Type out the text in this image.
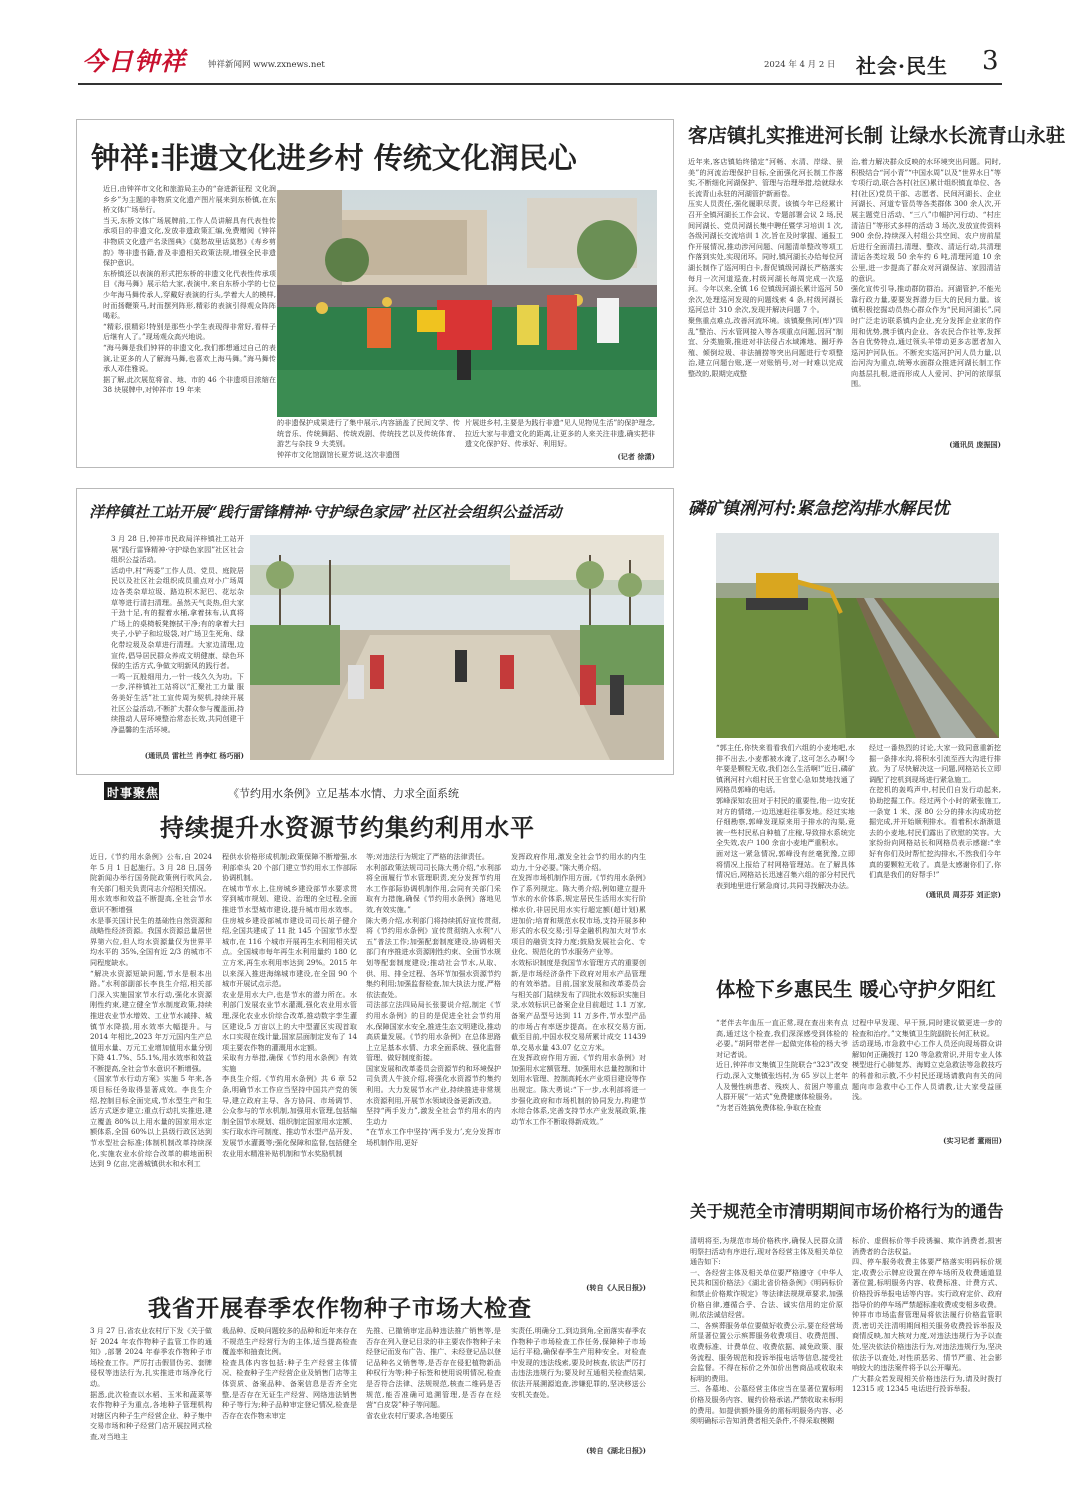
今日钟祥	钟祥新闻网 www.zxnews.net	2024 年 4 月 2 日 社会·民生 3
钟祥:非遗文化进乡村 传统文化润民心
近日,由钟祥市文化和旅游局主办的“奋进新征程 文化润乡乡”为主题的非物质文化遗产图片展来到东桥镇,在东桥文体广场举行。
当天,东桥文体广场展牌前,工作人员讲解具有代表性传承项目的非遗文化,发放非遗政策汇编,免费赠阅《钟祥非物质文化遗产名录图典》《莫愁故里话莫愁》《寿乡剪韵》等非遗书籍,普及非遗相关政策法规,增强全民非遗保护意识。
东桥镇还以表演的形式把东桥的非遗文化代表性传承项目《海马舞》展示给大家,表演中,来自东桥小学的七位少年海马舞传承人,穿戴好表演的行头,学着大人的模样,时而扬鞭策马,时而摆列阵形,精彩的表演引得观众阵阵喝彩。
“精彩,很精彩!特别是那些小学生表现得非常好,看样子后继有人了。”现场观众高兴地说。
“海马舞是我们钟祥的非遗文化,我们都想通过自己的表演,让更多的人了解海马舞,也喜欢上海马舞。”海马舞传承人邓佳雅说。
据了解,此次展览将省、地、市的 46 个非遗项目浓缩在 38 块展牌中,对钟祥市 19 年来
的非遗保护成果进行了集中展示,内容涵盖了民间文学、传统音乐、传统舞蹈、传统戏剧、传统技艺以及传统体育、游艺与杂技 9 大类别。
钟祥市文化馆副馆长夏芳说,这次非遗图
片展进乡村,主要是为践行非遗“见人见物见生活”的保护理念,拉近大家与非遗文化的距离,让更多的人来关注非遗,确实把非遗文化保护好、传承好、利用好。
(记者 徐潇)
客店镇扎实推进河长制 让绿水长流青山永驻
近年来,客店镇始终锚定“河畅、水清、岸绿、景美”的河流治理保护目标,全面强化河长制工作落实,不断细化河湖保护、管理与治理举措,绘就绿水长流青山永驻的河湖管护新画卷。
压实人员责任,强化履职尽责。该镇今年已经累计召开全镇河湖长工作会议、专题部署会议 2 场,民间河湖长、党员河湖长集中聘任暨学习培训 1 次,各级河湖长交流培训 1 次,旨在及时掌握、通报工作开展情况,推动涉河问题、问题清单整改等项工作落到实处,实现闭环。同时,镇河湖长办给每位河湖长制作了巡河明白卡,督促镇级河湖长严格落实每月一次河道巡查,村级河湖长每周完成一次巡河。今年以来,全镇 16 位镇级河湖长累计巡河 50 余次,处理巡河发现的问题线索 4 条,村级河湖长巡河总计 310 余次,发现并解决问题 7 个。
聚焦重点难点,改善河流环境。该镇聚焦河(库)“四乱”整治、污水管网接入等各项重点问题,因河“制宜、分类施策,推进对非法侵占水域滩地、圈圩养殖、倾倒垃圾、非法捕捞等突出问题进行专项整治,建立问题台账,逐一对账销号,对一时难以完成整改的,限期完成整
治,着力解决群众反映的水环境突出问题。同时,积极结合“河小青”“中国水周”以及“世界水日”等专项行动,联合各村(社区)累计组织镇直单位、各村(社区)党员干部、志愿者、民间河湖长、企业河湖长、河道专管员等各类群体 300 余人次,开展主题党日活动、“三八”巾帼护河行动、“村庄清洁日”等形式多样的活动 3 场次,发放宣传资料 900 余份,持续深入村组公共空间、农户房前屋后进行全面清扫,清理、整改、清运行动,共清理清运各类垃圾 50 余车约 6 吨,清理河道 10 余公里,进一步提高了群众对河湖保洁、家园清洁的意识。
强化宣传引导,推动群防群治。河湖管护,不能光靠行政力量,要要发挥潜力巨大的民间力量。该镇积极挖掘动员热心群众作为“民间河湖长”,同时广泛走访联系镇内企业,充分发挥企业家的作用和优势,携手镇内企业、各农民合作社等,发挥各自优势特点,通过领头羊带动更多志愿者加入巡河护河队伍。不断充实巡河护河人员力量,以治河沟为重点,统筹水面群众推进河湖长制工作向基层扎根,进而形成人人爱河、护河的浓厚氛围。
(通讯员 庞振国)
洋梓镇社工站开展“践行雷锋精神·守护绿色家园”社区社会组织公益活动
3 月 28 日,钟祥市民政局洋梓镇社工站开展“践行雷锋精神·守护绿色家园”社区社会组织公益活动。
活动中,村“两委”工作人员、党员、庭院居民以及社区社会组织成员重点对小广场周边各类杂草垃圾、路边枳木泥巴、花坛杂草等进行清扫清理。虽然天气炎热,但大家干劲十足,有的握着水桶,拿着抹布,认真将广场上的桌椅板凳擦拭干净;有的拿着大扫夹子,小铲子和垃圾袋,对广场卫生死角、绿化带垃圾及杂草进行清理。大家边清理,边宣传,倡导居民群众养成文明健康、绿色环保的生活方式,争做文明新风的践行者。
一鸣一瓦般细用力,一针一线久久为功。下一步,洋梓镇社工站将以“汇聚社工力量 服务美好生活”社工宣传周为契机,持续开展社区公益活动,不断扩大群众参与覆盖面,持续推动人居环境整治常态长效,共同创建干净温馨的生活环境。
(通讯员 雷杜兰 肖李红 杨巧丽)
磷矿镇浰河村:紧急挖沟排水解民忧
“郭主任,你快来看看我们六组的小麦地吧,水排不出去,小麦都被水淹了,这可怎么办啊!今年要是颗粒无收,我们怎么生活啊!”近日,磷矿镇浰河村六组村民王官堂心急如焚地找通了网格员郭峰的电话。
郭峰深知农田对于村民的重要性,他一边安抚对方的情绪,一边迅速赶往事发地。经过实地仔细勘察,郭峰发现原来用于排水的沟渠,竟被一些村民私自种植了庄稼,导致排水系统完全失效,农户 100 余亩小麦地严重积水。
面对这一紧急情况,郭峰没有丝毫犹豫,立即将情况上报给了村网格管理站。在了解具体情况后,网格站长迅速召集六组的部分村民代表到地里进行紧急商讨,共同寻找解决办法。
经过一番热烈的讨论,大家一致同意重新挖掘一条排水沟,将积水引流至西大沟进行排放。为了尽快解决这一问题,网格站长立即调配了挖机到现场进行紧急施工。
在挖机的轰鸣声中,村民们自发行动起来,协助挖掘工作。经过两个小时的紧张施工,一条宽 1 米、深 80 公分的排水沟成功挖掘完成,并开始顺利排水。看着积水渐渐退去的小麦地,村民们露出了欣慰的笑容。大家纷纷向网格站长和网格员表示感谢:“幸好有你们及时帮忙挖沟排水,不然我们今年真的要颗粒无收了。真是太感谢你们了,你们真是我们的好帮手!”
(通讯员 周芬芬 刘正宗)
时事聚焦	《节约用水条例》立足基本水情、力求全面系统
持续提升水资源节约集约利用水平
近日,《节约用水条例》公布,自 2024 年 5 月 1 日起施行。3 月 28 日,国务院新闻办举行国务院政策例行吹风会,有关部门相关负责同志介绍相关情况。
用水效率和效益不断提高,全社会节水意识不断增强
水是事关国计民生的基础性自然资源和战略性经济资源。我国水资源总量居世界第六位,但人均水资源量仅为世界平均水平的 35%,全国有近 2/3 的城市不同程度缺水。
“解决水资源短缺问题,节水是根本出路。”水利部副部长李良生介绍,相关部门深入实施国家节水行动,强化水资源刚性约束,建立健全节水制度政策,持续推进农业节水增效、工业节水减排、城镇节水降损,用水效率大幅提升。与 2014 年相比,2023 年万元国内生产总值用水量、万元工业增加值用水量分别下降 41.7%、55.1%,用水效率和效益不断提高,全社会节水意识不断增强。
《国家节水行动方案》实施 5 年来,各项目标任务取得显著成效。李良生介绍,控制目标全面完成,节水型生产和生活方式逐步建立;重点行动扎实推进,建立覆盖 80%以上用水量的国家用水定额体系,全国 60%以上县级行政区达到节水型社会标准;体制机制改革持续深化,实施农业水价综合改革的耕地面积达到 9 亿亩,完善城镇供水和水利工
程供水价格形成机制;政策保障不断增强,水利部牵头 20 个部门建立节约用水工作部际协调机制。
在城市节水上,住房城乡建设部节水要求贯穿到城市规划、建设、治理的全过程,全面推进节水型城市建设,提升城市用水效率。住房城乡建设部城市建设司司长胡子健介绍,全国共建成了 11 批 145 个国家节水型城市,在 116 个城市开展再生水利用相关试点。全国城市每年再生水利用量约 180 亿立方米,再生水利用率达到 29%。2015 年以来深入推进海绵城市建设,在全国 90 个城市开展试点示范。
农业是用水大户,也是节水的潜力所在。水利部门发展农业节水灌溉,强化农业用水管理,深化农业水价综合改革,推动数字孪生灌区建设,5 万亩以上的大中型灌区实现首取水口实现在线计量,国家层面制定发布了 14 项主要农作物的灌溉用水定额。
采取有力举措,确保《节约用水条例》有效实施
李良生介绍,《节约用水条例》共 6 章 52 条,明确节水工作应当坚持中国共产党的领导,建立政府主导、各方协同、市场调节、公众参与的节水机制,加强用水管理,包括编制全国节水规划、组织制定国家用水定额、实行取水许可制度、推动节水型产品开发、发展节水灌溉等;强化保障和监督,包括健全农业用水精准补贴机制和节水奖励机制
等;对违法行为规定了严格的法律责任。
水利部政策法规司司长陈大勇介绍,“水利部将全面履行节水管理职责,充分发挥节约用水工作部际协调机制作用,会同有关部门采取有力措施,确保《节约用水条例》落地见效,有效实施。”
陈大勇介绍,水利部门将持续抓好宣传贯彻,将《节约用水条例》宣传贯彻纳入水利“八五”普法工作;加强配套制度建设,协调相关部门有序推进水资源刚性约束、全面节水规划等配套制度建设;推动社会节水,从取、供、用、排全过程、各环节加强水资源节约集约利用;加强监督检查,加大执法力度,严格依法查处。
司法部立法四局局长张要说介绍,制定《节约用水条例》的目的是促进全社会节约用水,保障国家水安全,推进生态文明建设,推动高质量发展。《节约用水条例》在总体思路上立足基本水情、力求全面系统、强化监督管理、做好制度衔接。
国家发展和改革委员会资源节约和环境保护司负责人牛波介绍,将强化水资源节约集约利用。大力发展节水产业,持续推进非常规水资源利用,开展节水领域设备更新改造。
坚持“两手发力”,激发全社会节约用水的内生动力
“在节水工作中坚持‘两手发力’,充分发挥市场机制作用,更好
发挥政府作用,激发全社会节约用水的内生动力,十分必要。”陈大勇介绍。
在发挥市场机制作用方面,《节约用水条例》作了系列规定。陈大勇介绍,例如建立提升节水的水价体系,规定居民生活用水实行阶梯水价,非居民用水实行超定额(超计划)累进加价;培育和规范水权市场,支持开展多种形式的水权交易;引导金融机构加大对节水项目的融资支持力度;鼓励发展社会化、专业化、规范化的节水服务产业等。
水效标识制度是我国节水管理方式的重要创新,是市场经济条件下政府对用水产品管理的有效举措。目前,国家发展和改革委员会与相关部门陆续发布了四批水效标识实施目录,水效标识已备案企业目前超过 1.1 万家,备案产品型号达到 11 万多件,节水型产品的市场占有率逐步提高。在水权交易方面,截至目前,中国水权交易所累计成交 11439 单,交易水量 43.07 亿立方米。
在发挥政府作用方面,《节约用水条例》对加强用水定额管理、加强用水总量控制和计划用水管理、控制高耗水产业项目建设等作出规定。陈大勇说:“下一步,水利部将进一步强化政府和市场机制的协同发力,构建节水综合体系,完善支持节水产业发展政策,推动节水工作不断取得新成效。”
(转自《人民日报》)
体检下乡惠民生 暖心守护夕阳红
“老伴去年血压一直正常,现在查出来有点高,通过这个检查,我们深深感受到体检的必要。”胡阿带老伴一起做完体检的杨大爷对记者说。
近日,钟祥市文集镇卫生院联合“323”改变行动,深入文集镇张垱村,为 65 岁以上老年人及慢性病患者、残疾人、贫困户等重点人群开展“一站式”免费健康体检服务。
“为老百姓搞免费体检,争取在检查
过程中早发现、早干预,同时建议做更进一步的检查和治疗。”文集镇卫生院副院长何汇秋说。
活动现场,市急救中心工作人员还向现场群众讲解如何正确拨打 120 等急救常识,并用专业人体模型进行心肺复苏、海姆立克急救法等急救技巧的科普和示教,不少村民还现场请教向有关的问题向市急救中心工作人员请教,让大家受益匪浅。
(实习记者 董雨田)
我省开展春季农作物种子市场大检查
3 月 27 日,省农业农村厅下发《关于做好 2024 年农作物种子监管工作的通知》,部署 2024 年春季农作物种子市场检查工作。严厉打击假冒伪劣、套牌侵权等违法行为,扎实推进市场净化行动。
据悉,此次检查以水稻、玉米和蔬菜等农作物种子为重点,各地种子管理机构对辖区内种子生产经营企业、种子集中交易市场和种子经营门店开展拉网式检查,对当地主
栽品种、反映问题较多的品种和近年来存在不规范生产经营行为的主体,适当提高检查覆盖率和抽查比例。
检查具体内容包括:种子生产经营主体情况、检查种子生产经营企业及销售门店等主体资质、备案品种、备案信息是否齐全完整,是否存在无证生产经营、网络违法销售种子等行为;种子品种审定登记情况,检查是否存在农作物未审定
先推、已撤销审定品种违法推广销售等,是否存在列入登记目录的非主要农作物种子未经登记而发布广告、推广、未经登记品以登记品种名义销售等,是否存在侵犯植物新品种权行为等;种子标签和使用说明情况,检查是否符合法律、法规规范,核查二维码是否规范,能否准确可追溯管理,是否存在经营“白皮袋”种子等问题。
省农业农村厅要求,各地要压
实责任,明确分工,到边到角,全面落实春季农作物种子市场检查工作任务,保障种子市场运行平稳,确保春季生产用种安全。对检查中发现的违法线索,要及时核查,依法严厉打击违法违规行为;要及时互通相关检查结果,依法开展溯源追查,涉嫌犯罪的,坚决移送公安机关查处。
(转自《湖北日报》)
关于规范全市清明期间市场价格行为的通告
清明将至,为规范市场价格秩序,确保人民群众清明祭扫活动有序进行,现对各经营主体及相关单位通告如下:
一、各经营主体及相关单位要严格遵守《中华人民共和国价格法》《湖北省价格条例》《明码标价和禁止价格欺诈规定》等法律法规规章要求,加强价格自律,遵循合乎、合法、诚实信用的定价原则,依法诚信经营。
二、各殡葬服务单位要做好收费公示,要在经营场所显著位置公示殡葬服务收费项目、收费范围、收费标准、计费单位、收费依据、减免政策、服务流程、服务规范和投诉举报电话等信息,接受社会监督。不得在标价之外加价出售商品或收取未标明的费用。
三、各墓地、公墓经营主体应当在显著位置标明价格及服务内容、履约价格承诺,严禁收取未标明的费用。如提供额外服务的需标明服务内容、必须明确标示告知消费者相关条件,不得采取模糊
标价、虚假标价等手段诱骗、欺诈消费者,损害消费者的合法权益。
四、停车服务收费主体要严格落实明码标价规定,收费公示牌应设置在停车场所及收费通道显著位置,标明服务内容、收费标准、计费方式、价格投诉举报电话等内容。实行政府定价、政府指导价的停车场严禁超标准收费或变相多收费。
钟祥市市场监督管理局将依法履行价格监管职责,密切关注清明期间相关服务收费投诉举报及商情反映,加大核对力度,对违法违规行为予以查处,坚决依法价格违法行为,对违法违规行为,坚决依法予以查处,对性质恶劣、情节严重、社会影响较大的违法案件将予以公开曝光。
广大群众若发现相关价格违法行为,请及时拨打 12315 或 12345 电话进行投诉举报。
